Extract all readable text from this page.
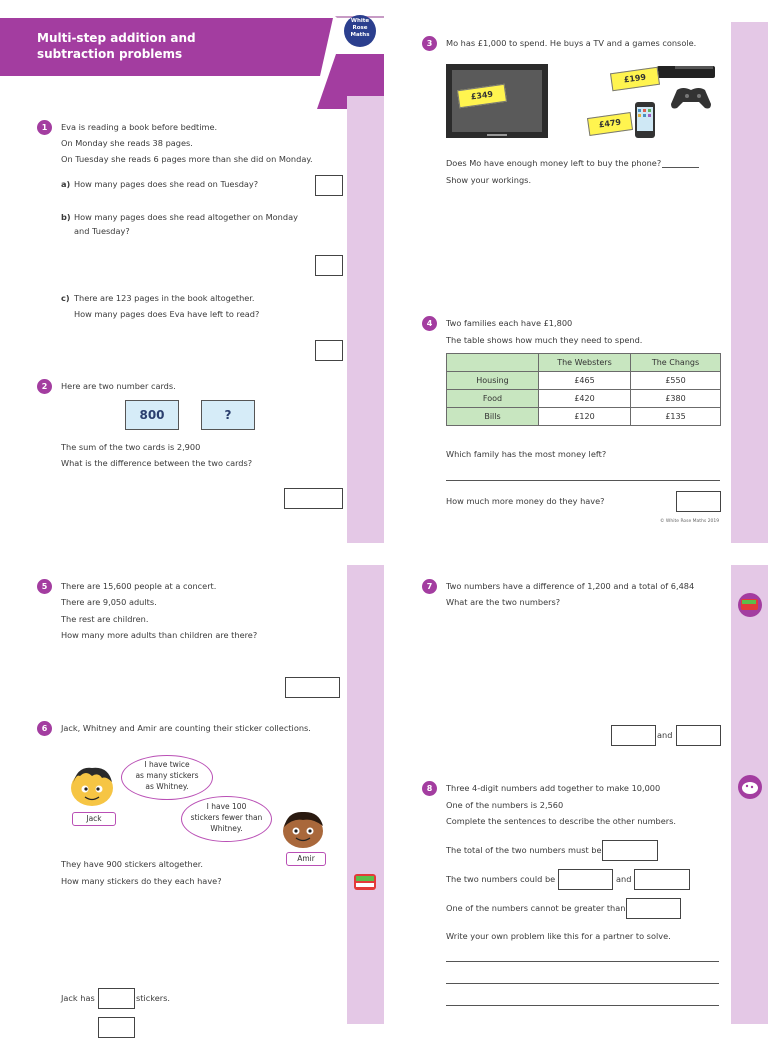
Multi-step addition and
subtraction problems
White
Rose
Maths
1	Eva is reading a book before bedtime.
On Monday she reads 38 pages.
On Tuesday she reads 6 pages more than she did on Monday.
a) How many pages does she read on Tuesday?
b) How many pages does she read altogether on Monday
and Tuesday?
c) There are 123 pages in the book altogether.
How many pages does Eva have left to read?
2	Here are two number cards.
800	?
The sum of the two cards is 2,900
What is the difference between the two cards?
3	Mo has £1,000 to spend. He buys a TV and a games console.
£349
£199
£479
Does Mo have enough money left to buy the phone?
Show your workings.
4	Two families each have £1,800
The table shows how much they need to spend.
	The Websters	The Changs
Housing	£465	£550
Food	£420	£380
Bills	£120	£135
Which family has the most money left?
How much more money do they have?
© White Rose Maths 2019
5	There are 15,600 people at a concert.
There are 9,050 adults.
The rest are children.
How many more adults than children are there?
6	Jack, Whitney and Amir are counting their sticker collections.
Jack
Amir
I have twice
as many stickers
as Whitney.
I have 100
stickers fewer than
Whitney.
They have 900 stickers altogether.
How many stickers do they each have?
Jack has	stickers.
7	Two numbers have a difference of 1,200 and a total of 6,484
What are the two numbers?
and
8	Three 4-digit numbers add together to make 10,000
One of the numbers is 2,560
Complete the sentences to describe the other numbers.
The total of the two numbers must be
The two numbers could be	and
One of the numbers cannot be greater than
Write your own problem like this for a partner to solve.
